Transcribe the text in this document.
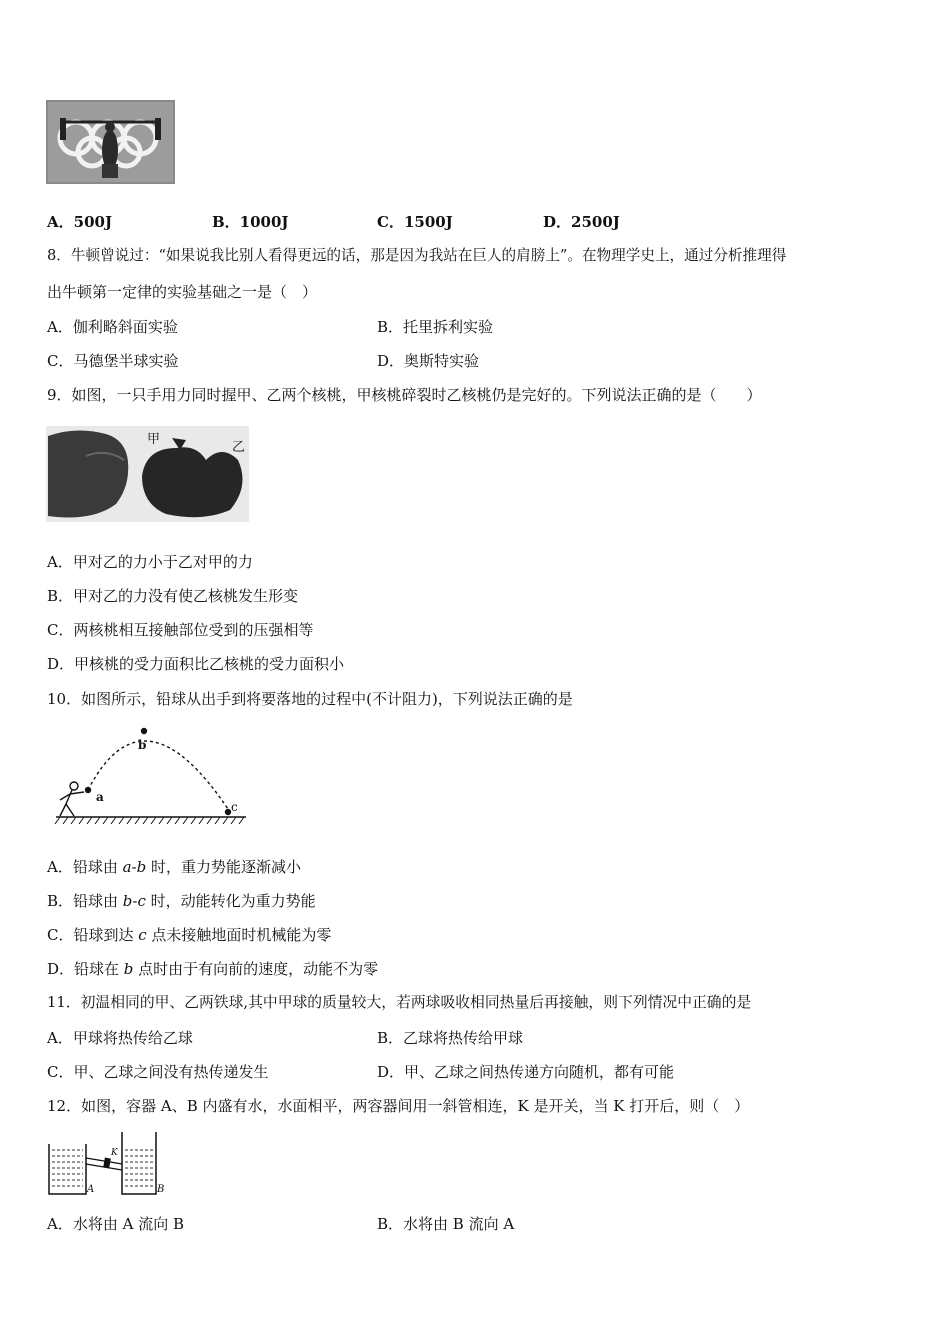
A．500J	B．1000J	C．1500J	D．2500J
8．牛顿曾说过：“如果说我比别人看得更远的话，那是因为我站在巨人的肩膀上”。在物理学史上，通过分析推理得
出牛顿第一定律的实验基础之一是（　）
A．伽利略斜面实验	B．托里拆利实验
C．马德堡半球实验	D．奥斯特实验
9．如图，一只手用力同时握甲、乙两个核桃，甲核桃碎裂时乙核桃仍是完好的。下列说法正确的是（　　）
甲
乙
A．甲对乙的力小于乙对甲的力
B．甲对乙的力没有使乙核桃发生形变
C．两核桃相互接触部位受到的压强相等
D．甲核桃的受力面积比乙核桃的受力面积小
10．如图所示，铅球从出手到将要落地的过程中(不计阻力)，下列说法正确的是
a
b
c
A．铅球由 a-b 时，重力势能逐渐减小
B．铅球由 b-c 时，动能转化为重力势能
C．铅球到达 c 点未接触地面时机械能为零
D．铅球在 b 点时由于有向前的速度，动能不为零
11．初温相同的甲、乙两铁球,其中甲球的质量较大，若两球吸收相同热量后再接触，则下列情况中正确的是
A．甲球将热传给乙球	B．乙球将热传给甲球
C．甲、乙球之间没有热传递发生	D．甲、乙球之间热传递方向随机，都有可能
12．如图，容器 A、B 内盛有水，水面相平，两容器间用一斜管相连，K 是开关，当 K 打开后，则（　）
A	B
K
A．水将由 A 流向 B	B．水将由 B 流向 A
